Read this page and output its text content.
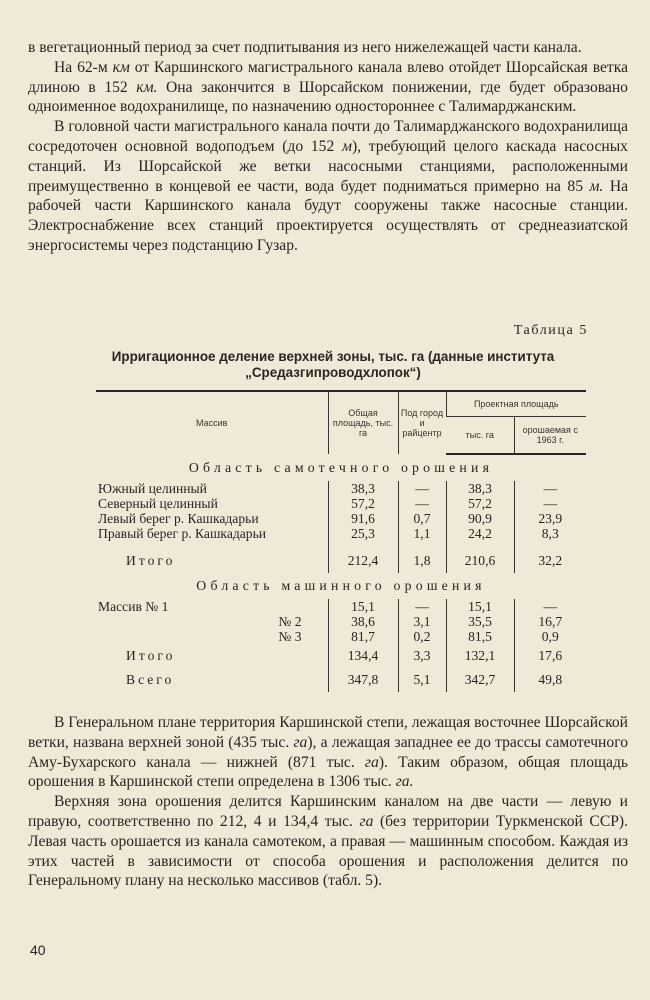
в вегетационный период за счет подпитывания из него нижележащей части канала.

На 62-м км от Каршинского магистрального канала влево отойдет Шорсайская ветка длиною в 152 км. Она закончится в Шорсайском понижении, где будет образовано одноименное водохранилище, по назначению одностороннее с Талимарджанским.

В головной части магистрального канала почти до Талимарджанского водохранилища сосредоточен основной водоподъем (до 152 м), требующий целого каскада насосных станций. Из Шорсайской же ветки насосными станциями, расположенными преимущественно в концевой ее части, вода будет подниматься примерно на 85 м. На рабочей части Каршинского канала будут сооружены также насосные станции. Электроснабжение всех станций проектируется осуществлять от среднеазиатской энергосистемы через подстанцию Гузар.

Таблица 5
Ирригационное деление верхней зоны, тыс. га (данные института „Средазгипроводхлопок“)
Массив	Общая площадь, тыс. га	Под город и райцентр	Проектная площадь	
			тыс. га	орошаемая с 1963 г.
Область самотечного орошения				
Южный целинный	38,3	—	38,3	—
Северный целинный	57,2	—	57,2	—
Левый берег р. Кашкадарьи	91,6	0,7	90,9	23,9
Правый берег р. Кашкадарьи	25,3	1,1	24,2	8,3

Итого	212,4	1,8	210,6	32,2
Область машинного орошения				
Массив № 1	15,1	—	15,1	—
№ 2	38,6	3,1	35,5	16,7
№ 3	81,7	0,2	81,5	0,9
Итого	134,4	3,3	132,1	17,6
Всего	347,8	5,1	342,7	49,8

В Генеральном плане территория Каршинской степи, лежащая восточнее Шорсайской ветки, названа верхней зоной (435 тыс. га), а лежащая западнее ее до трассы самотечного Аму-Бухарского канала — нижней (871 тыс. га). Таким образом, общая площадь орошения в Каршинской степи определена в 1306 тыс. га.

Верхняя зона орошения делится Каршинским каналом на две части — левую и правую, соответственно по 212, 4 и 134,4 тыс. га (без территории Туркменской ССР). Левая часть орошается из канала самотеком, а правая — машинным способом. Каждая из этих частей в зависимости от способа орошения и расположения делится по Генеральному плану на несколько массивов (табл. 5).

40
